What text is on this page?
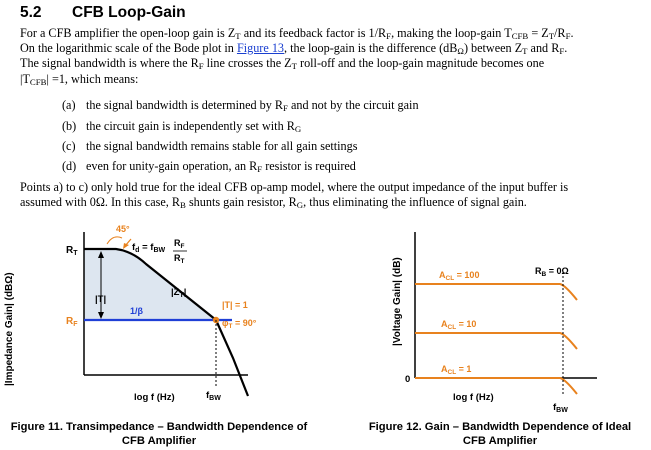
5.2 CFB Loop-Gain
For a CFB amplifier the open-loop gain is $Z_T$ and its feedback factor is $1/R_F$, making the loop-gain $T_{CFB} = Z_T/R_F$.
On the logarithmic scale of the Bode plot in Figure 13, the loop-gain is the difference $(dB_\Omega)$ between $Z_T$ and $R_F$.
The signal bandwidth is where the $R_F$ line crosses the $Z_T$ roll-off and the loop-gain magnitude becomes one
$|T_{CFB}| =1$, which means:
(a) the signal bandwidth is determined by $R_F$ and not by the circuit gain
(b) the circuit gain is independently set with $R_G$
(c) the signal bandwidth remains stable for all gain settings
(d) even for unity-gain operation, an $R_F$ resistor is required
Points a) to c) only hold true for the ideal CFB op-amp model, where the output impedance of the input buffer is
assumed with 0Ω. In this case, $R_B$ shunts gain resistor, $R_G$, thus eliminating the influence of signal gain.
|Impedance Gain| (dBΩ)
$R_T$
$R_F$
45°
$f_d = f_{BW}$
$R_F$
$R_T$
|T|
$|Z_T|$
|T| = 1
$\varphi_T = 90^\circ$
1/β
log f (Hz)	$f_{BW}$
|Voltage Gain| (dB)
0
$R_B = 0\Omega$
$A_{CL} = 100$
$A_{CL} = 10$
$A_{CL} = 1$
log f (Hz)
$f_{BW}$
Figure 11. Transimpedance – Bandwidth Dependence of
CFB Amplifier
Figure 12. Gain – Bandwidth Dependence of Ideal
CFB Amplifier
